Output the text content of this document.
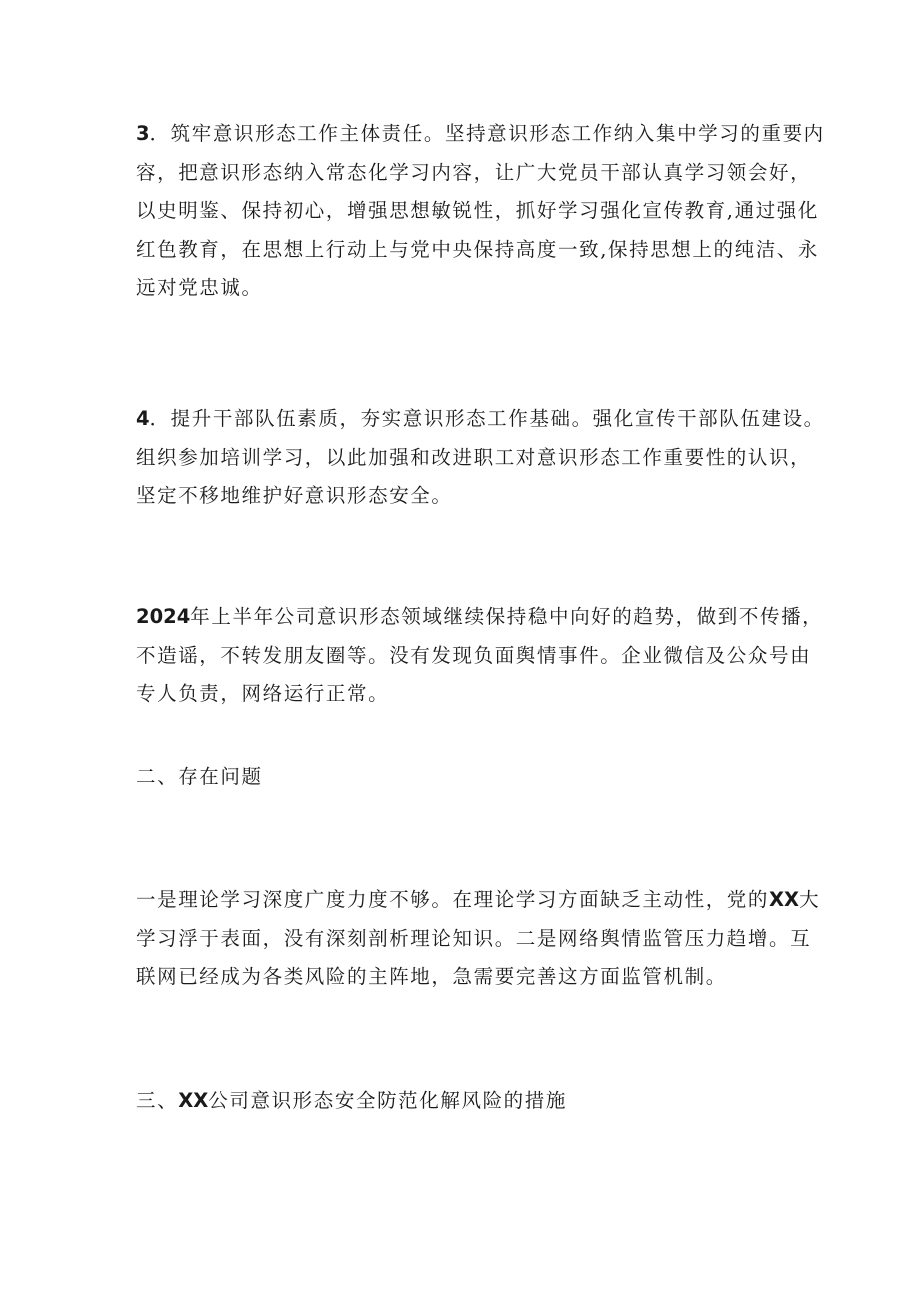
3．筑牢意识形态工作主体责任。坚持意识形态工作纳入集中学习的重要内
容，把意识形态纳入常态化学习内容，让广大党员干部认真学习领会好，
以史明鉴、保持初心，增强思想敏锐性，抓好学习强化宣传教育,通过强化
红色教育，在思想上行动上与党中央保持高度一致,保持思想上的纯洁、永
远对党忠诚。
4．提升干部队伍素质，夯实意识形态工作基础。强化宣传干部队伍建设。
组织参加培训学习，以此加强和改进职工对意识形态工作重要性的认识，
坚定不移地维护好意识形态安全。
2024年上半年公司意识形态领域继续保持稳中向好的趋势，做到不传播，
不造谣，不转发朋友圈等。没有发现负面舆情事件。企业微信及公众号由
专人负责，网络运行正常。
二、存在问题
一是理论学习深度广度力度不够。在理论学习方面缺乏主动性，党的XX大
学习浮于表面，没有深刻剖析理论知识。二是网络舆情监管压力趋增。互
联网已经成为各类风险的主阵地，急需要完善这方面监管机制。
三、XX公司意识形态安全防范化解风险的措施
